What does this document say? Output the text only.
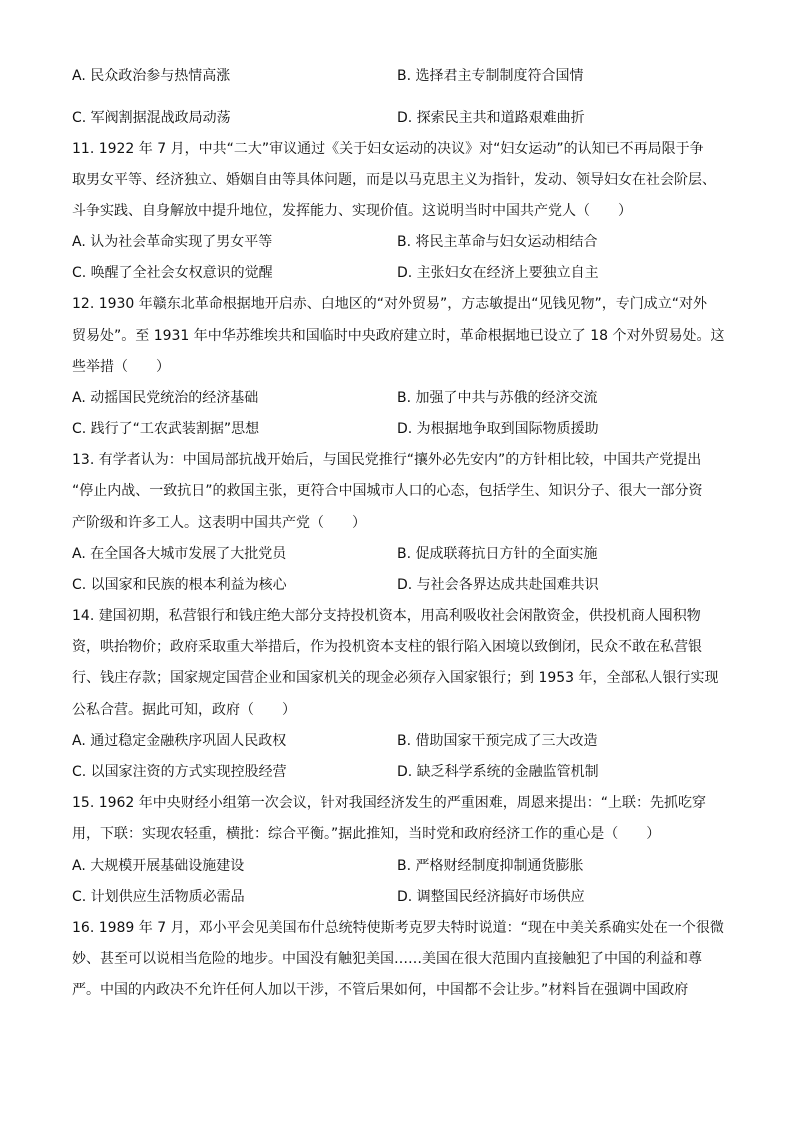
A. 民众政治参与热情高涨	B. 选择君主专制制度符合国情
C. 军阀割据混战政局动荡	D. 探索民主共和道路艰难曲折
11. 1922 年 7 月，中共“二大”审议通过《关于妇女运动的决议》对“妇女运动”的认知已不再局限于争
取男女平等、经济独立、婚姻自由等具体问题，而是以马克思主义为指针，发动、领导妇女在社会阶层、
斗争实践、自身解放中提升地位，发挥能力、实现价值。这说明当时中国共产党人（　　）
A. 认为社会革命实现了男女平等	B. 将民主革命与妇女运动相结合
C. 唤醒了全社会女权意识的觉醒	D. 主张妇女在经济上要独立自主
12. 1930 年赣东北革命根据地开启赤、白地区的“对外贸易”，方志敏提出“见钱见物”，专门成立“对外
贸易处”。至 1931 年中华苏维埃共和国临时中央政府建立时，革命根据地已设立了 18 个对外贸易处。这
些举措（　　）
A. 动摇国民党统治的经济基础	B. 加强了中共与苏俄的经济交流
C. 践行了“工农武装割据”思想	D. 为根据地争取到国际物质援助
13. 有学者认为：中国局部抗战开始后，与国民党推行“攘外必先安内”的方针相比较，中国共产党提出
“停止内战、一致抗日”的救国主张，更符合中国城市人口的心态，包括学生、知识分子、很大一部分资
产阶级和许多工人。这表明中国共产党（　　）
A. 在全国各大城市发展了大批党员	B. 促成联蒋抗日方针的全面实施
C. 以国家和民族的根本利益为核心	D. 与社会各界达成共赴国难共识
14. 建国初期，私营银行和钱庄绝大部分支持投机资本，用高利吸收社会闲散资金，供投机商人囤积物
资，哄抬物价；政府采取重大举措后，作为投机资本支柱的银行陷入困境以致倒闭，民众不敢在私营银
行、钱庄存款；国家规定国营企业和国家机关的现金必须存入国家银行；到 1953 年，全部私人银行实现
公私合营。据此可知，政府（　　）
A. 通过稳定金融秩序巩固人民政权	B. 借助国家干预完成了三大改造
C. 以国家注资的方式实现控股经营	D. 缺乏科学系统的金融监管机制
15. 1962 年中央财经小组第一次会议，针对我国经济发生的严重困难，周恩来提出：“上联：先抓吃穿
用，下联：实现农轻重，横批：综合平衡。”据此推知，当时党和政府经济工作的重心是（　　）
A. 大规模开展基础设施建设	B. 严格财经制度抑制通货膨胀
C. 计划供应生活物质必需品	D. 调整国民经济搞好市场供应
16. 1989 年 7 月，邓小平会见美国布什总统特使斯考克罗夫特时说道：“现在中美关系确实处在一个很微
妙、甚至可以说相当危险的地步。中国没有触犯美国……美国在很大范围内直接触犯了中国的利益和尊
严。中国的内政决不允许任何人加以干涉，不管后果如何，中国都不会让步。”材料旨在强调中国政府
